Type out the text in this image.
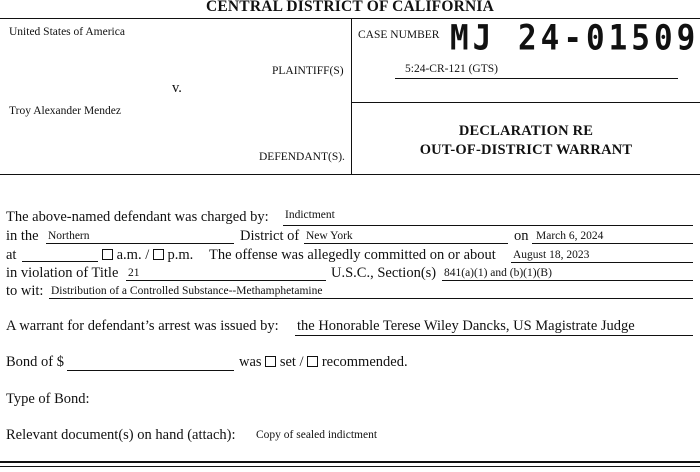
CENTRAL DISTRICT OF CALIFORNIA
United States of America
PLAINTIFF(S)
v.
Troy Alexander Mendez
DEFENDANT(S).
CASE NUMBER MJ 24-01509
5:24-CR-121 (GTS)
DECLARATION RE
OUT-OF-DISTRICT WARRANT
The above-named defendant was charged by: Indictment
in the Northern	District of New York	on March 6, 2024
at	a.m. / p.m. The offense was allegedly committed on or about August 18, 2023
in violation of Title 21	U.S.C., Section(s) 841(a)(1) and (b)(1)(B)
to wit: Distribution of a Controlled Substance--Methamphetamine
A warrant for defendant’s arrest was issued by: the Honorable Terese Wiley Dancks, US Magistrate Judge
Bond of $	was set / recommended.
Type of Bond:
Relevant document(s) on hand (attach): Copy of sealed indictment
